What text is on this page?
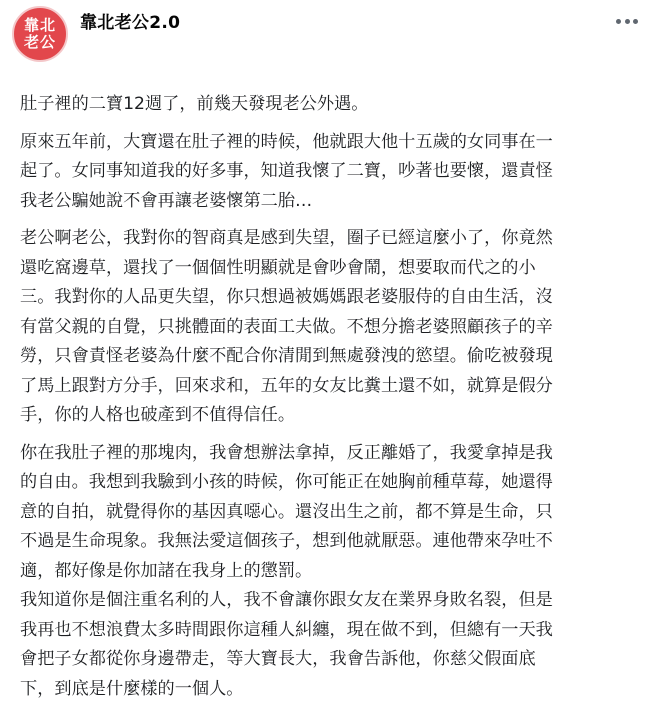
靠北
老公
靠北老公2.0

肚子裡的二寶12週了，前幾天發現老公外遇。

原來五年前，大寶還在肚子裡的時候，他就跟大他十五歲的女同事在一
起了。女同事知道我的好多事，知道我懷了二寶，吵著也要懷，還責怪
我老公騙她說不會再讓老婆懷第二胎…

老公啊老公，我對你的智商真是感到失望，圈子已經這麼小了，你竟然
還吃窩邊草，還找了一個個性明顯就是會吵會鬧，想要取而代之的小
三。我對你的人品更失望，你只想過被媽媽跟老婆服侍的自由生活，沒
有當父親的自覺，只挑體面的表面工夫做。不想分擔老婆照顧孩子的辛
勞，只會責怪老婆為什麼不配合你清閒到無處發洩的慾望。偷吃被發現
了馬上跟對方分手，回來求和，五年的女友比糞土還不如，就算是假分
手，你的人格也破產到不值得信任。

你在我肚子裡的那塊肉，我會想辦法拿掉，反正離婚了，我愛拿掉是我
的自由。我想到我驗到小孩的時候，你可能正在她胸前種草莓，她還得
意的自拍，就覺得你的基因真噁心。還沒出生之前，都不算是生命，只
不過是生命現象。我無法愛這個孩子，想到他就厭惡。連他帶來孕吐不
適，都好像是你加諸在我身上的懲罰。
我知道你是個注重名利的人，我不會讓你跟女友在業界身敗名裂，但是
我再也不想浪費太多時間跟你這種人糾纏，現在做不到，但總有一天我
會把子女都從你身邊帶走，等大寶長大，我會告訴他，你慈父假面底
下，到底是什麼樣的一個人。
